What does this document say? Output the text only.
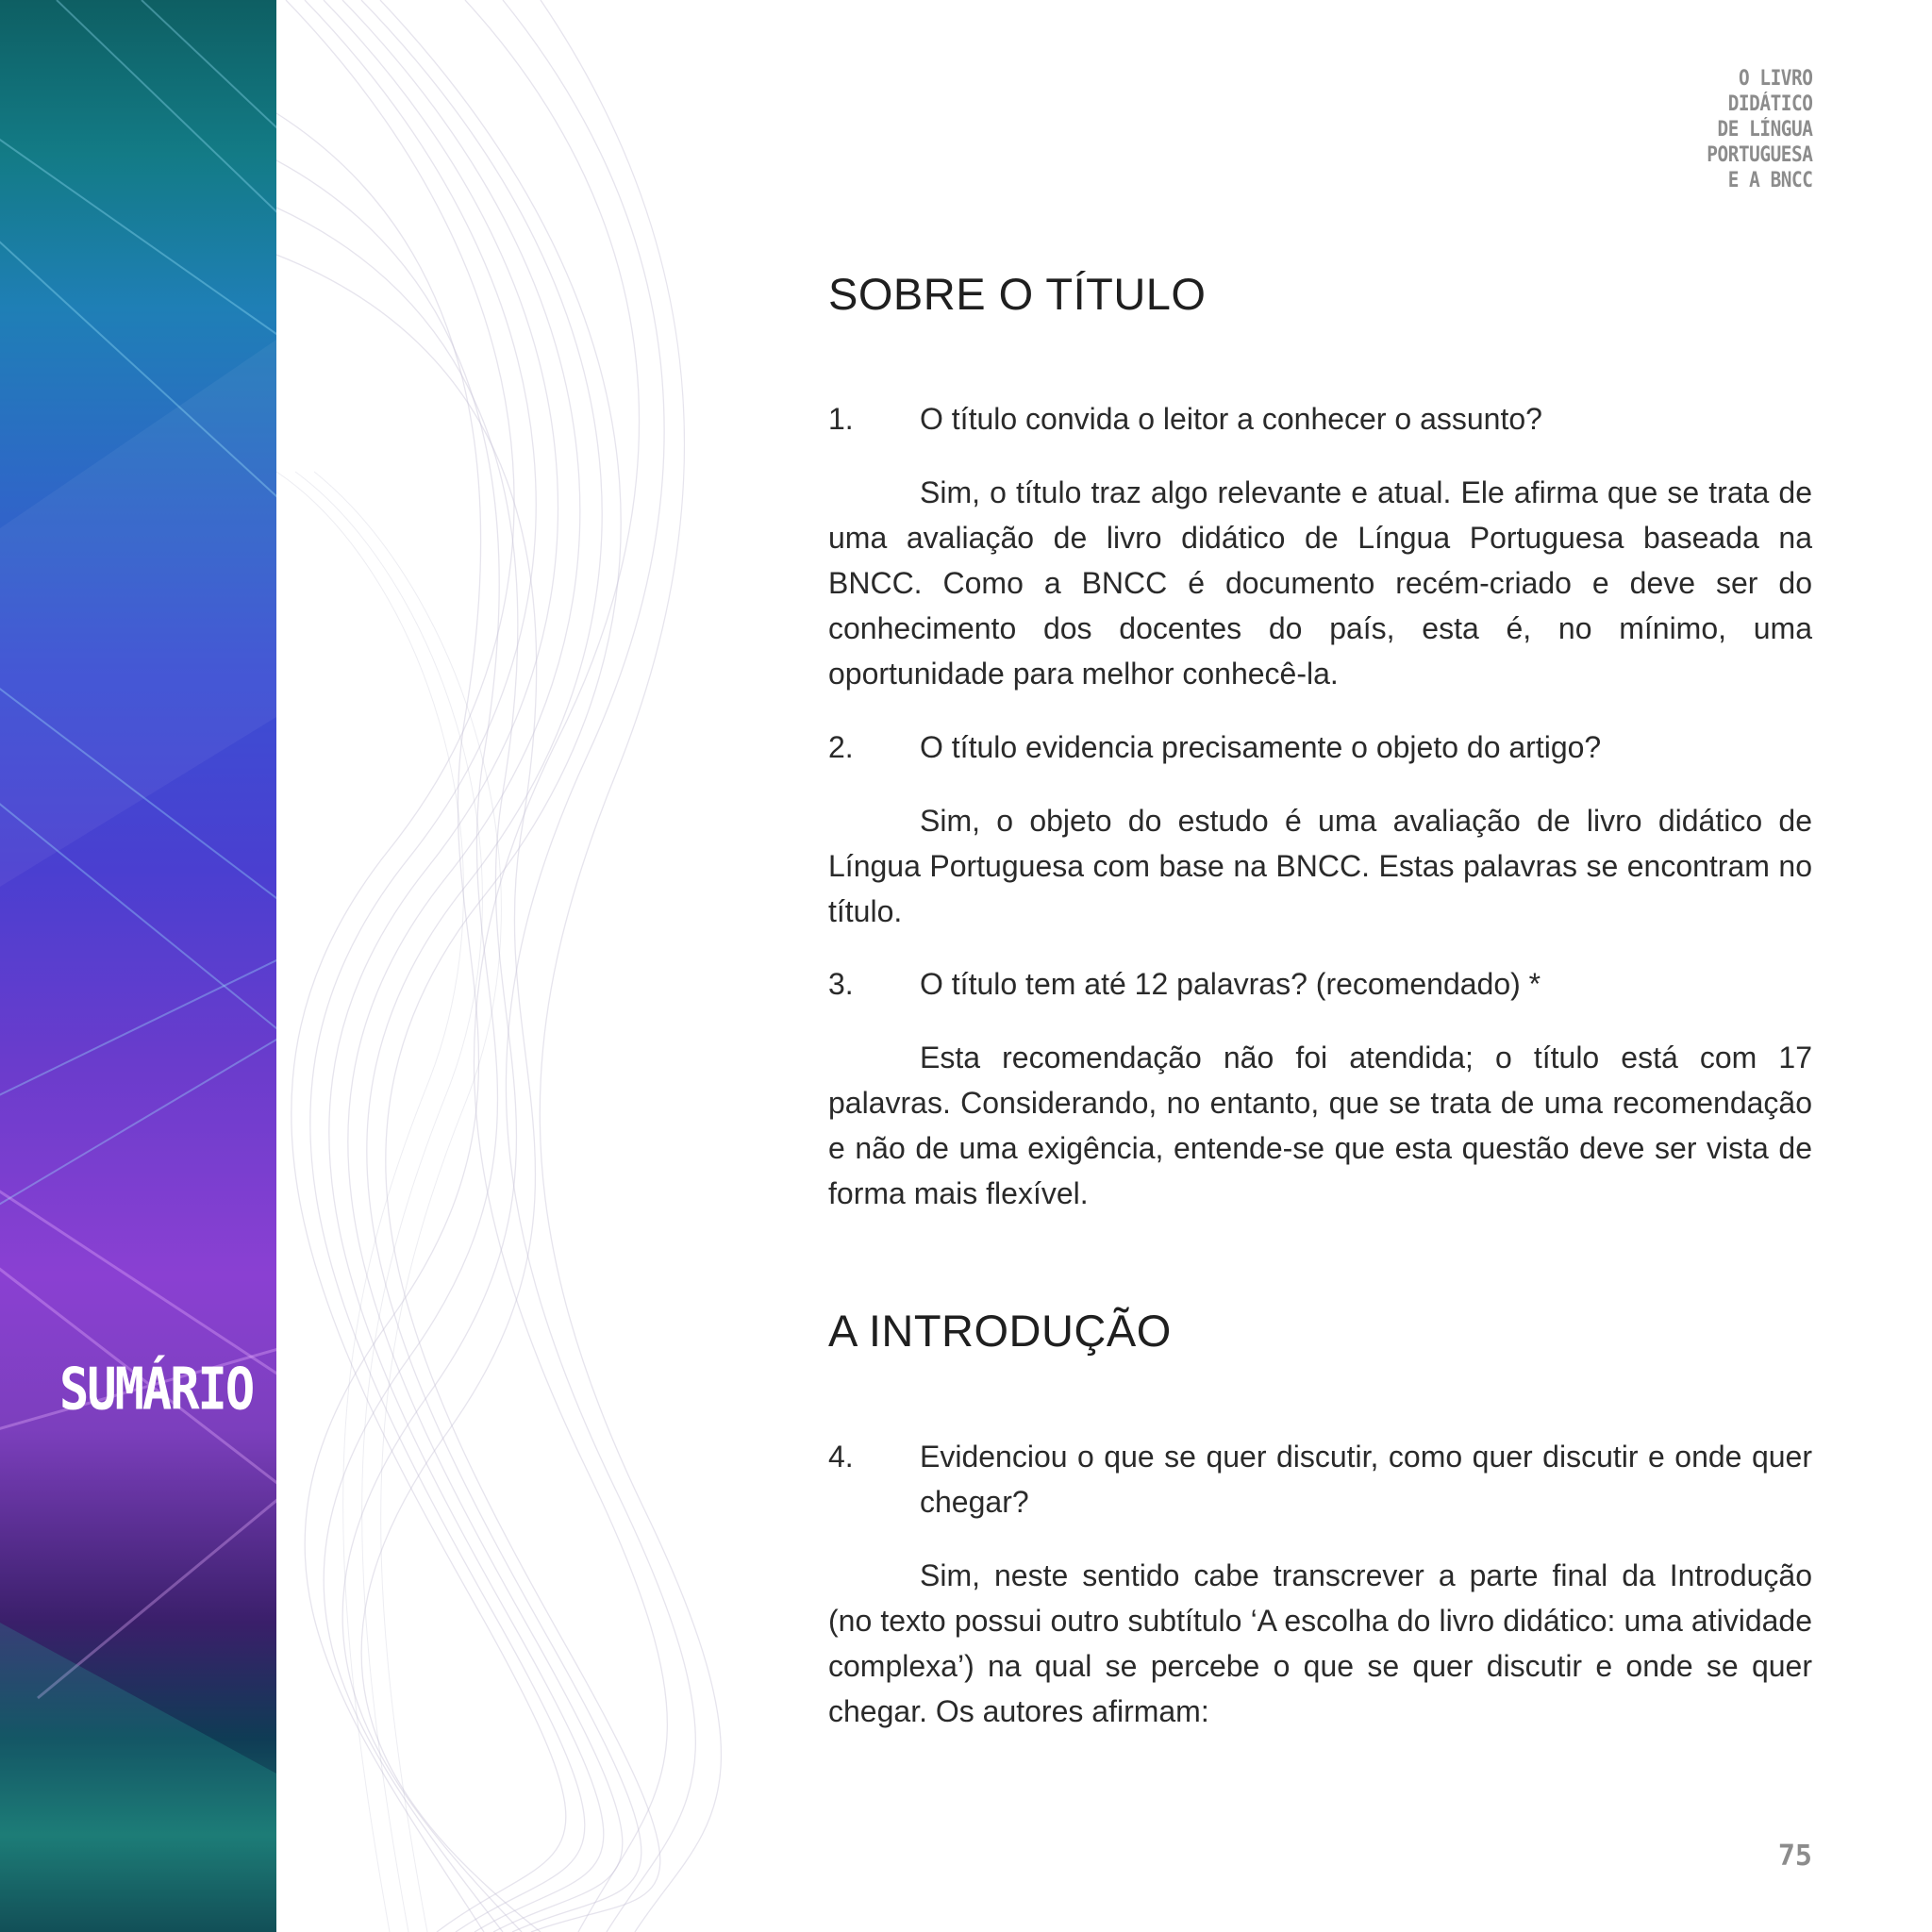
SUMÁRIO

O LIVRO
DIDÁTICO
DE LÍNGUA
PORTUGUESA
E A BNCC
SOBRE O TÍTULO
1. O título convida o leitor a conhecer o assunto?

Sim, o título traz algo relevante e atual. Ele afirma que se trata de uma avaliação de livro didático de Língua Portuguesa baseada na BNCC. Como a BNCC é documento recém-criado e deve ser do conhecimento dos docentes do país, esta é, no mínimo, uma oportunidade para melhor conhecê-la.

2. O título evidencia precisamente o objeto do artigo?

Sim, o objeto do estudo é uma avaliação de livro didático de Língua Portuguesa com base na BNCC. Estas palavras se encontram no título.

3. O título tem até 12 palavras? (recomendado) *

Esta recomendação não foi atendida; o título está com 17 palavras. Considerando, no entanto, que se trata de uma recomendação e não de uma exigência, entende-se que esta questão deve ser vista de forma mais flexível.

A INTRODUÇÃO
4. Evidenciou o que se quer discutir, como quer discutir e onde quer chegar?

Sim, neste sentido cabe transcrever a parte final da Introdução (no texto possui outro subtítulo ‘A escolha do livro didático: uma atividade complexa’) na qual se percebe o que se quer discutir e onde se quer chegar. Os autores afirmam:

75
